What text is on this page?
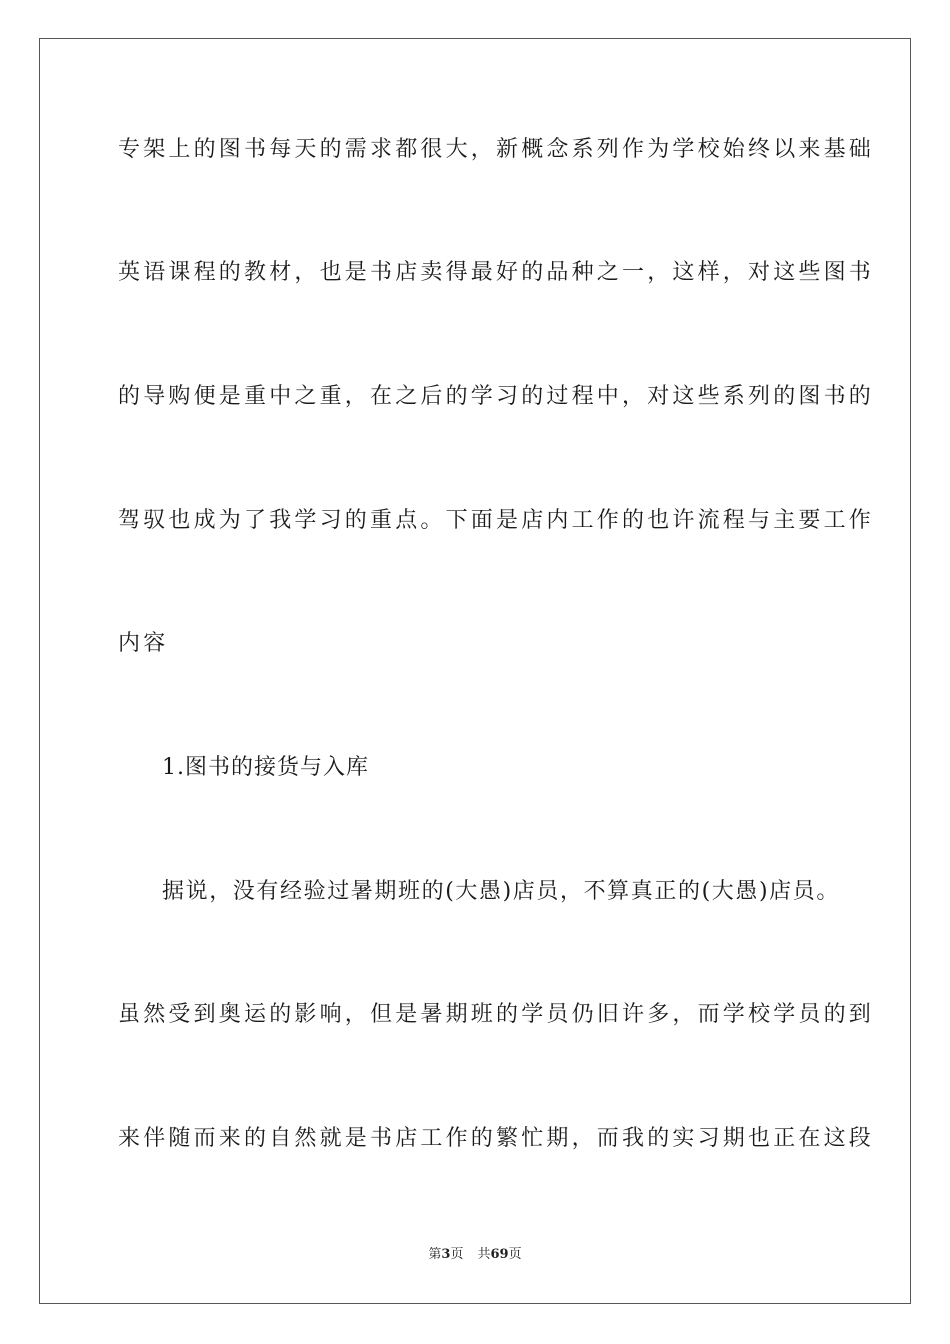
专架上的图书每天的需求都很大，新概念系列作为学校始终以来基础
英语课程的教材，也是书店卖得最好的品种之一，这样，对这些图书
的导购便是重中之重，在之后的学习的过程中，对这些系列的图书的
驾驭也成为了我学习的重点。下面是店内工作的也许流程与主要工作
内容
1.图书的接货与入库
据说，没有经验过暑期班的(大愚)店员，不算真正的(大愚)店员。
虽然受到奥运的影响，但是暑期班的学员仍旧许多，而学校学员的到
来伴随而来的自然就是书店工作的繁忙期，而我的实习期也正在这段
第3页 共69页
